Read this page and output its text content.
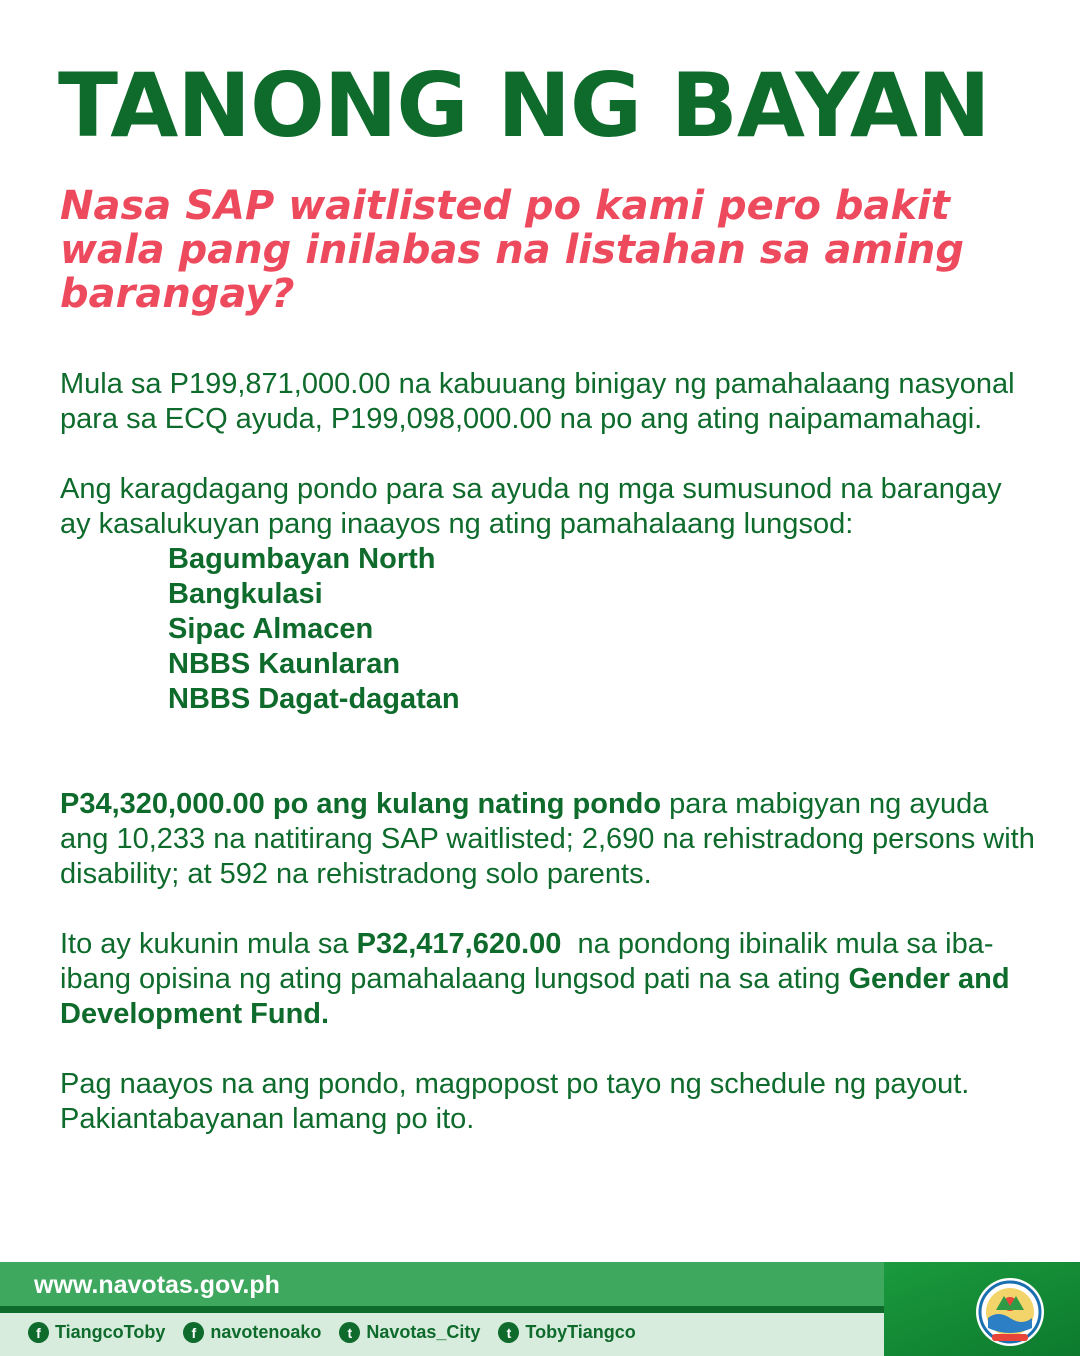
TANONG NG BAYAN
Nasa SAP waitlisted po kami pero bakit wala pang inilabas na listahan sa aming barangay?

Mula sa P199,871,000.00 na kabuuang binigay ng pamahalaang nasyonal para sa ECQ ayuda, P199,098,000.00 na po ang ating naipamamahagi.

Ang karagdagang pondo para sa ayuda ng mga sumusunod na barangay ay kasalukuyan pang inaayos ng ating pamahalaang lungsod:

Bagumbayan North
Bangkulasi
Sipac Almacen
NBBS Kaunlaran
NBBS Dagat-dagatan

P34,320,000.00 po ang kulang nating pondo para mabigyan ng ayuda ang 10,233 na natitirang SAP waitlisted; 2,690 na rehistradong persons with disability; at 592 na rehistradong solo parents.

Ito ay kukunin mula sa P32,417,620.00  na pondong ibinalik mula sa iba-ibang opisina ng ating pamahalaang lungsod pati na sa ating Gender and Development Fund.

Pag naayos na ang pondo, magpopost po tayo ng schedule ng payout. Pakiantabayanan lamang po ito.

www.navotas.gov.ph
f TiangcoToby	f navotenoako	t Navotas_City	t TobyTiangco
